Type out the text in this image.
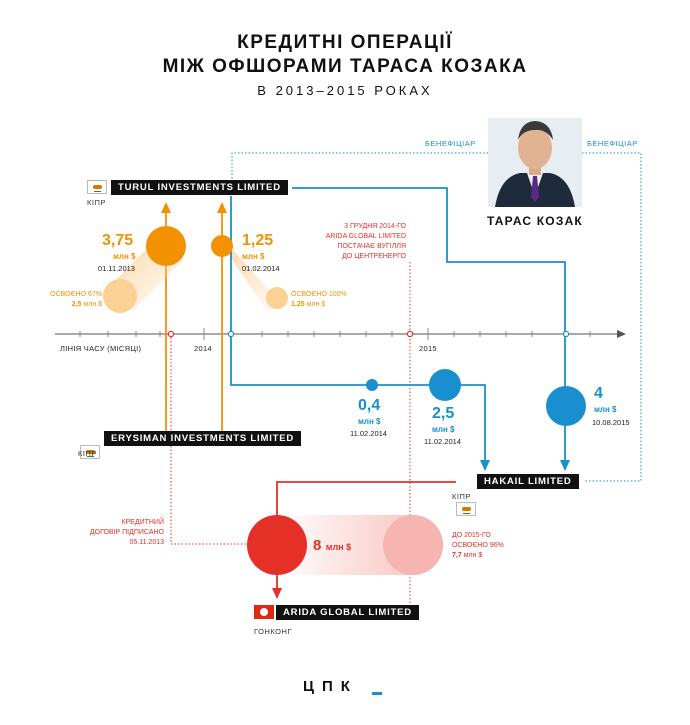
КРЕДИТНІ ОПЕРАЦІЇ
МІЖ ОФШОРАМИ ТАРАСА КОЗАКА
В 2013–2015 РОКАХ
БЕНЕФІЦІАР	БЕНЕФІЦІАР
ТАРАС КОЗАК
TURUL INVESTMENTS LIMITED
КІПР
3,75
млн $
01.11.2013
ОСВОЄНО 67%
2,5 млн $
1,25
млн $
01.02.2014
ОСВОЄНО 100%
1,25 млн $
3 ГРУДНЯ 2014-ГО
ARIDA GLOBAL LIMITED
ПОСТАЧАЄ ВУГІЛЛЯ
ДО ЦЕНТРЕНЕРГО
ЛІНІЯ ЧАСУ (МІСЯЦІ)	2014	2015
0,4
млн $
11.02.2014
2,5
млн $
11.02.2014
4
млн $
10.08.2015
ERYSIMAN INVESTMENTS LIMITED
КІПР
HAKAIL LIMITED
КІПР
КРЕДИТНИЙ
ДОГОВІР ПІДПИСАНО
05.11.2013	8 млн $
ДО 2015-ГО
ОСВОЄНО 96%
7,7 млн $
ARIDA GLOBAL LIMITED
ГОНКОНГ
ЦПК
